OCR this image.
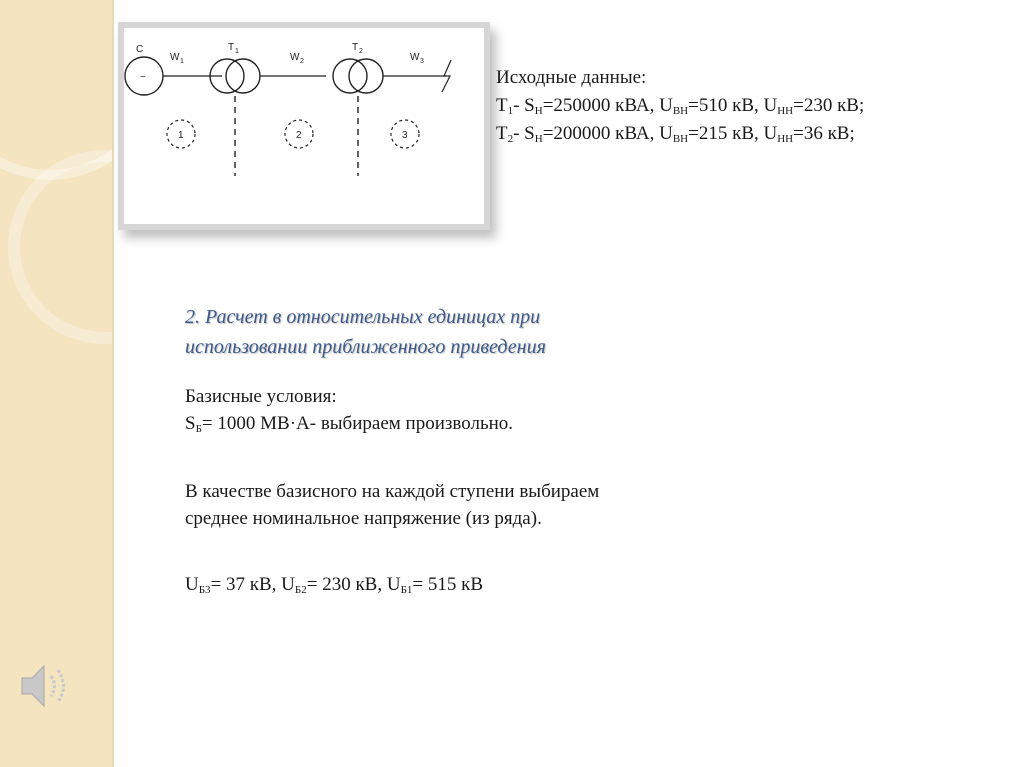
C
~
W 1
T 1
W 2
T 2
W 3
1	2	3
Исходные данные:
$Т_1-$ $S_Н=250000$ кВА, $U_{ВН}=510$ кВ, $U_{НН}=230$ кВ;
$Т_2-$ $S_Н=200000$ кВА, $U_{ВН}=215$ кВ, $U_{НН}=36$ кВ;
2. Расчет в относительных единицах при
использовании приближенного приведения
Базисные условия:
$S_Б= 1000$ МВ·А- выбираем произвольно.
В качестве базисного на каждой ступени выбираем
среднее номинальное напряжение (из ряда).
$U_{Б3}= 37$ кВ, $U_{Б2}= 230$ кВ, $U_{Б1}= 515$ кВ
